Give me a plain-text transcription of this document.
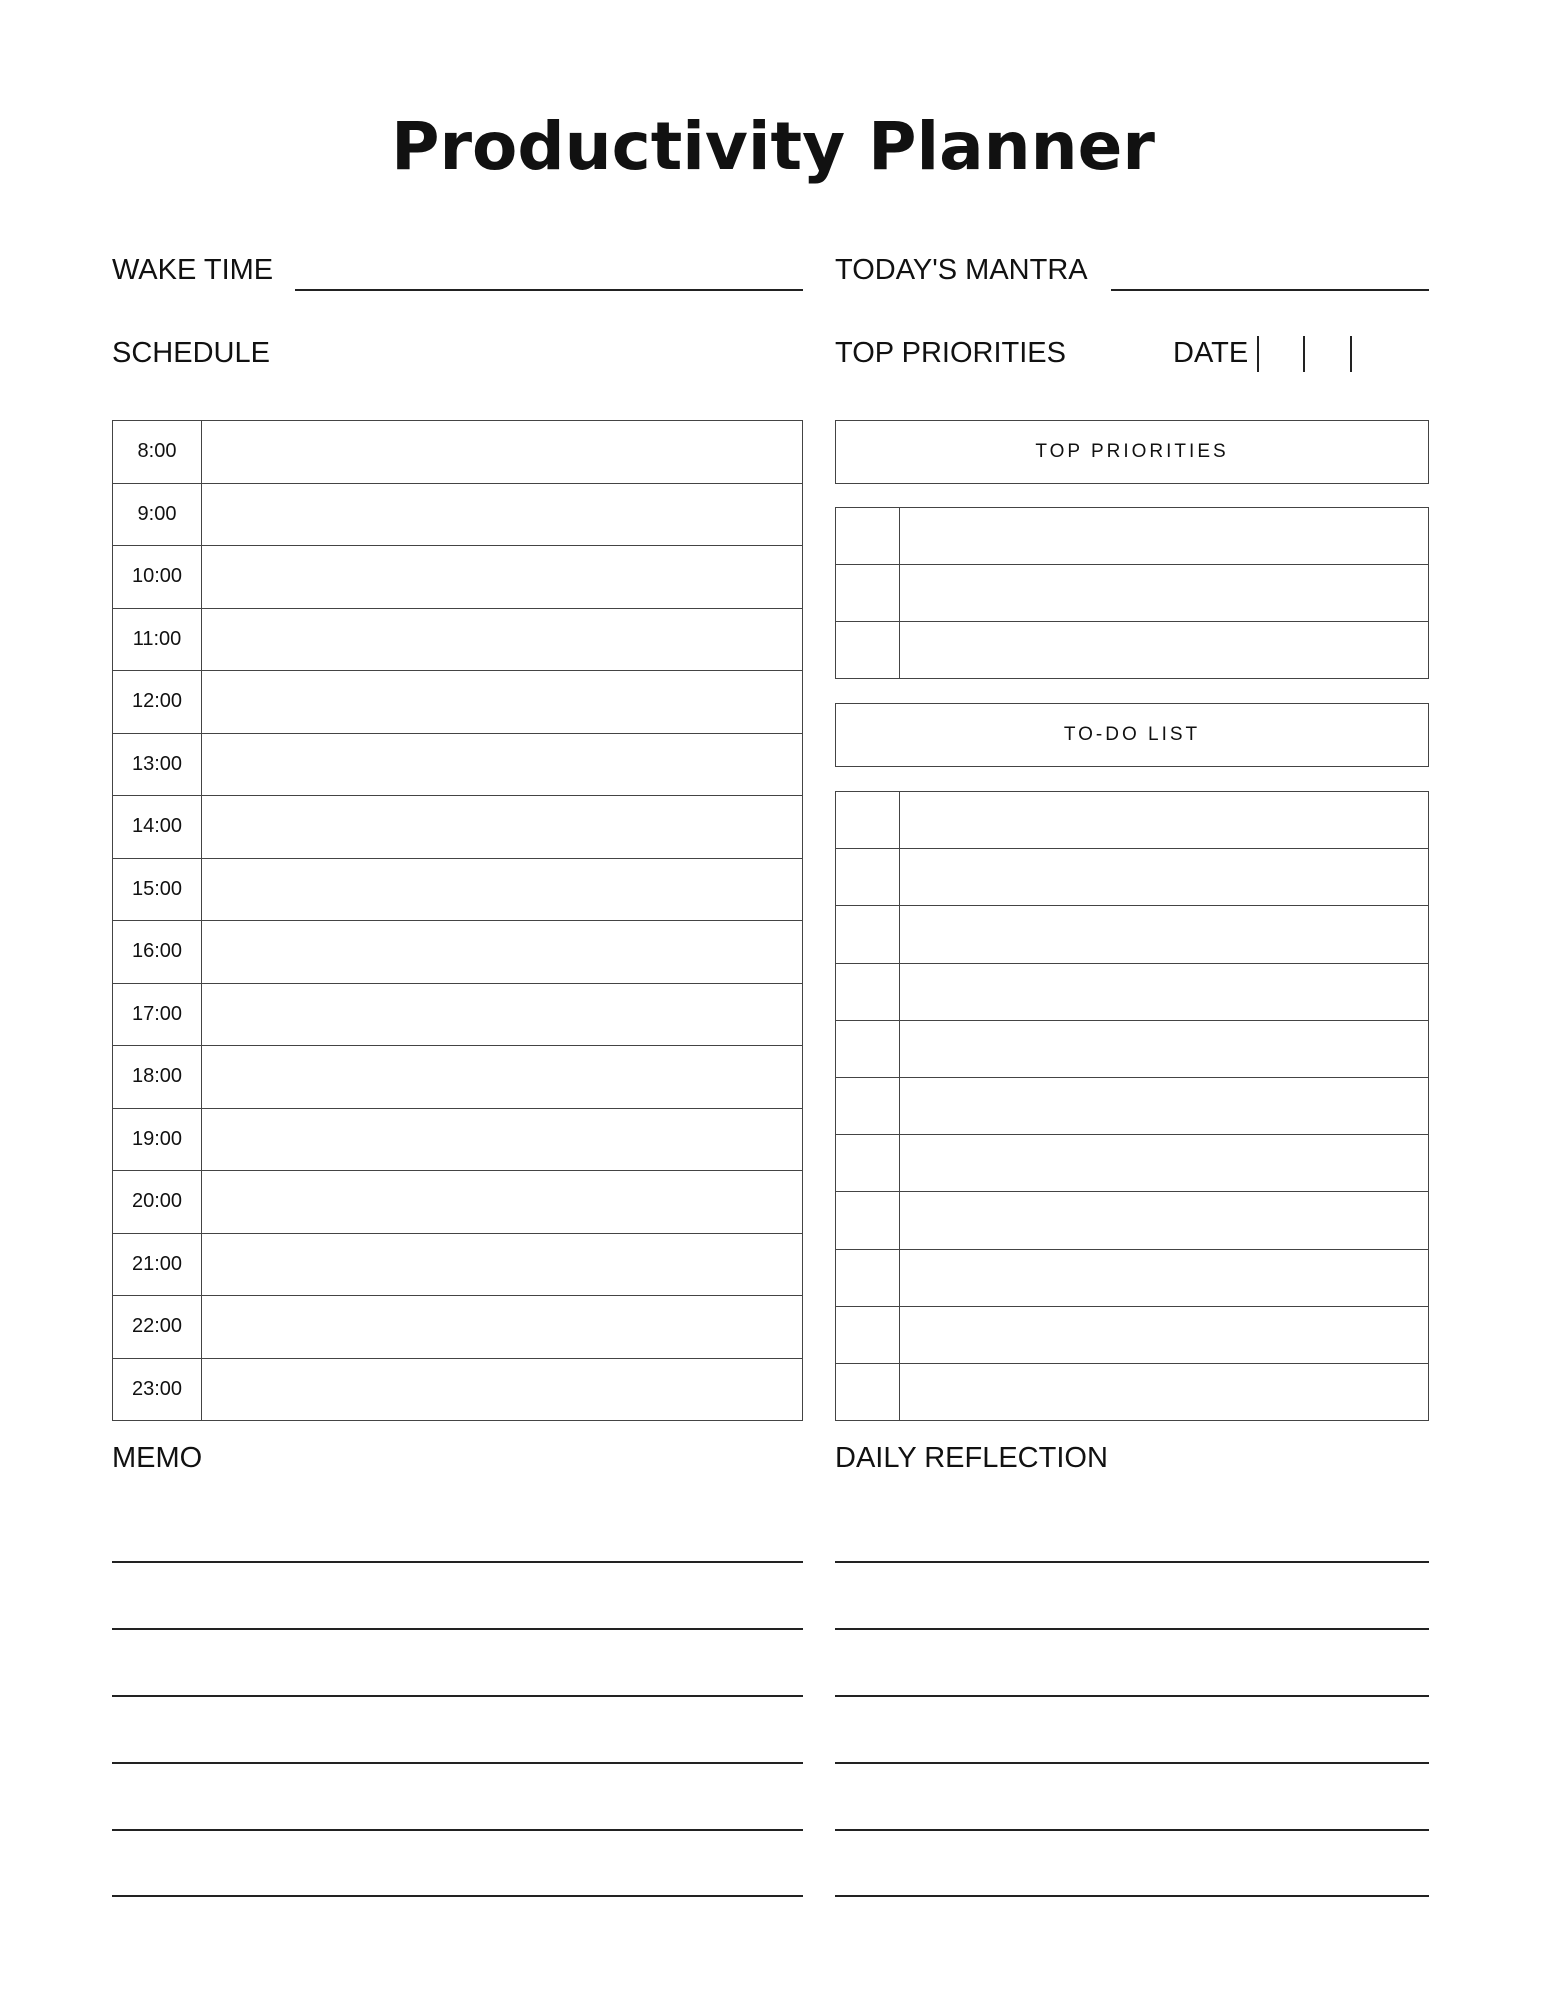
Productivity Planner
WAKE TIME	TODAY'S MANTRA
SCHEDULE	TOP PRIORITIES	DATE
8:00
9:00
10:00
11:00
12:00
13:00
14:00
15:00
16:00
17:00
18:00
19:00
20:00
21:00
22:00
23:00
TOP PRIORITIES
TO-DO LIST
MEMO	DAILY REFLECTION
